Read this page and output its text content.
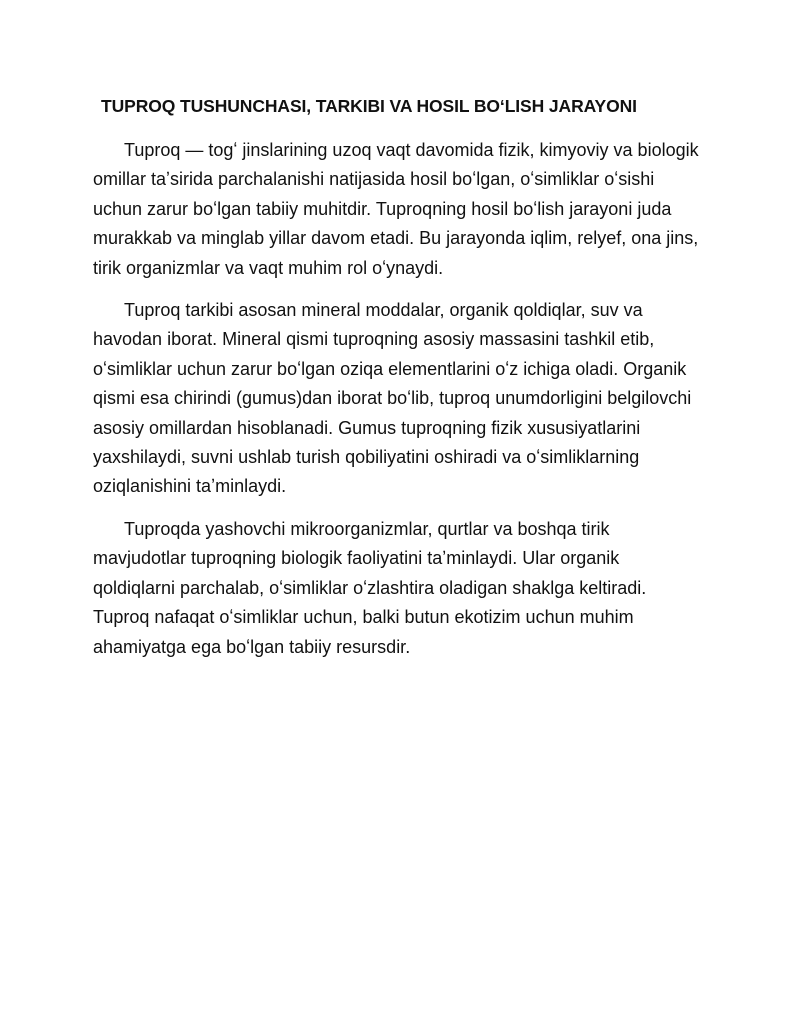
TUPROQ TUSHUNCHASI, TARKIBI VA HOSIL BOʻLISH JARAYONI

Tuproq — togʻ jinslarining uzoq vaqt davomida fizik, kimyoviy va biologik omillar taʼsirida parchalanishi natijasida hosil boʻlgan, oʻsimliklar oʻsishi uchun zarur boʻlgan tabiiy muhitdir. Tuproqning hosil boʻlish jarayoni juda murakkab va minglab yillar davom etadi. Bu jarayonda iqlim, relyef, ona jins, tirik organizmlar va vaqt muhim rol oʻynaydi.

Tuproq tarkibi asosan mineral moddalar, organik qoldiqlar, suv va havodan iborat. Mineral qismi tuproqning asosiy massasini tashkil etib, oʻsimliklar uchun zarur boʻlgan oziqa elementlarini oʻz ichiga oladi. Organik qismi esa chirindi (gumus)dan iborat boʻlib, tuproq unumdorligini belgilovchi asosiy omillardan hisoblanadi. Gumus tuproqning fizik xususiyatlarini yaxshilaydi, suvni ushlab turish qobiliyatini oshiradi va oʻsimliklarning oziqlanishini taʼminlaydi.

Tuproqda yashovchi mikroorganizmlar, qurtlar va boshqa tirik mavjudotlar tuproqning biologik faoliyatini taʼminlaydi. Ular organik qoldiqlarni parchalab, oʻsimliklar oʻzlashtira oladigan shaklga keltiradi. Tuproq nafaqat oʻsimliklar uchun, balki butun ekotizim uchun muhim ahamiyatga ega boʻlgan tabiiy resursdir.
